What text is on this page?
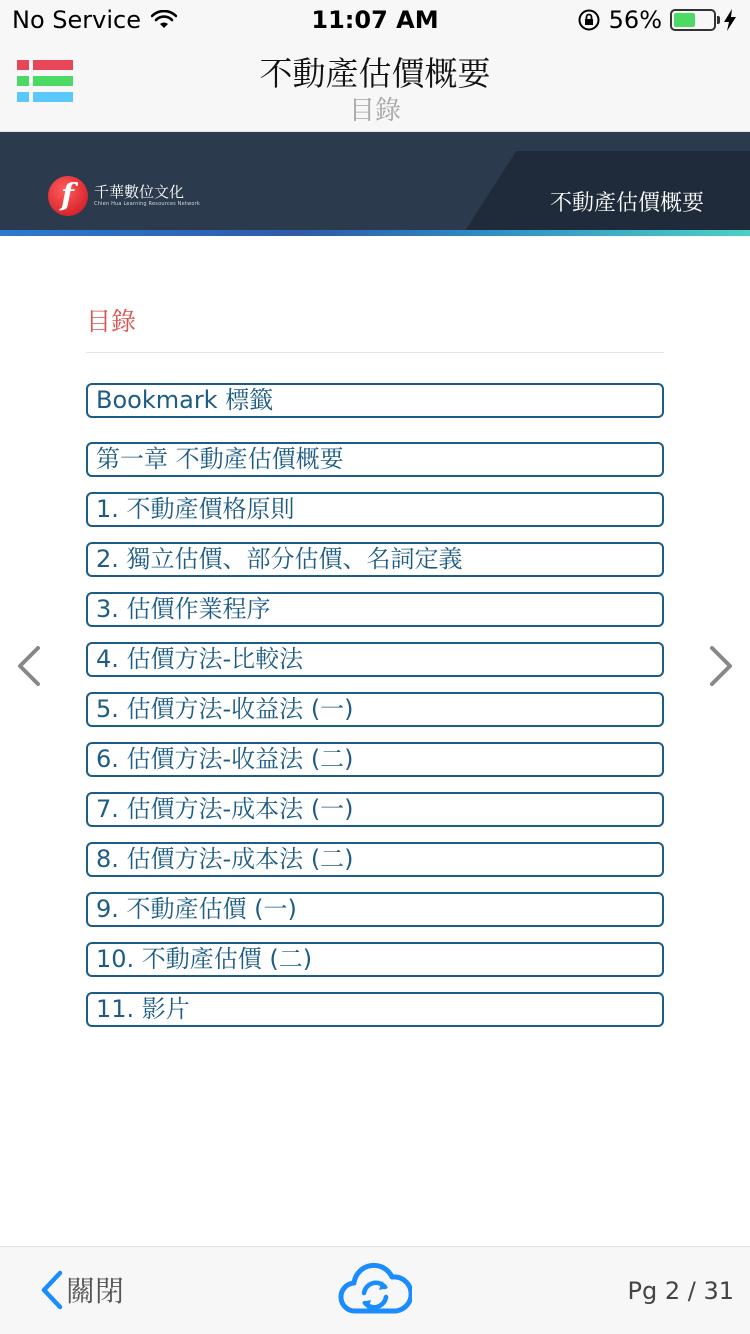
No Service	11:07 AM	56%
不動產估價概要
目錄
f
千華數位文化
Chien Hua Learning Resources Network	不動產估價概要
目錄
Bookmark 標籤
第一章 不動產估價概要
1. 不動產價格原則
2. 獨立估價、部分估價、名詞定義
3. 估價作業程序
4. 估價方法-比較法
5. 估價方法-收益法 (一)
6. 估價方法-收益法 (二)
7. 估價方法-成本法 (一)
8. 估價方法-成本法 (二)
9. 不動產估價 (一)
10. 不動產估價 (二)
11. 影片
關閉	Pg 2 / 31
